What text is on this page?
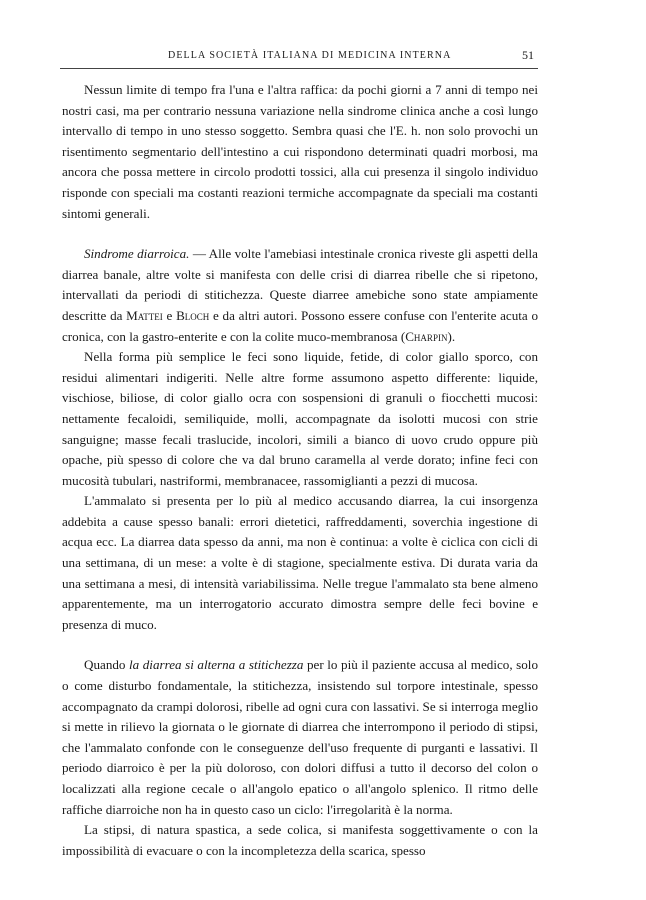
DELLA SOCIETÀ ITALIANA DI MEDICINA INTERNA	51

Nessun limite di tempo fra l'una e l'altra raffica: da pochi giorni a 7 anni di tempo nei nostri casi, ma per contrario nessuna variazione nella sindrome clinica anche a così lungo intervallo di tempo in uno stesso soggetto. Sembra quasi che l'E. h. non solo provochi un risentimento segmentario dell'intestino a cui rispondono determinati quadri morbosi, ma ancora che possa mettere in circolo prodotti tossici, alla cui presenza il singolo individuo risponde con speciali ma costanti reazioni termiche accompagnate da speciali ma costanti sintomi generali.

Sindrome diarroica. — Alle volte l'amebiasi intestinale cronica riveste gli aspetti della diarrea banale, altre volte si manifesta con delle crisi di diarrea ribelle che si ripetono, intervallati da periodi di stitichezza. Queste diarree amebiche sono state ampiamente descritte da Mattei e Bloch e da altri autori. Possono essere confuse con l'enterite acuta o cronica, con la gastro-enterite e con la colite muco-membranosa (Charpin).

Nella forma più semplice le feci sono liquide, fetide, di color giallo sporco, con residui alimentari indigeriti. Nelle altre forme assumono aspetto differente: liquide, vischiose, biliose, di color giallo ocra con sospensioni di granuli o fiocchetti mucosi: nettamente fecaloidi, semiliquide, molli, accompagnate da isolotti mucosi con strie sanguigne; masse fecali traslucide, incolori, simili a bianco di uovo crudo oppure più opache, più spesso di colore che va dal bruno caramella al verde dorato; infine feci con mucosità tubulari, nastriformi, membranacee, rassomiglianti a pezzi di mucosa.

L'ammalato si presenta per lo più al medico accusando diarrea, la cui insorgenza addebita a cause spesso banali: errori dietetici, raffreddamenti, soverchia ingestione di acqua ecc. La diarrea data spesso da anni, ma non è continua: a volte è ciclica con cicli di una settimana, di un mese: a volte è di stagione, specialmente estiva. Di durata varia da una settimana a mesi, di intensità variabilissima. Nelle tregue l'ammalato sta bene almeno apparentemente, ma un interrogatorio accurato dimostra sempre delle feci bovine e presenza di muco.

Quando la diarrea si alterna a stitichezza per lo più il paziente accusa al medico, solo o come disturbo fondamentale, la stitichezza, insistendo sul torpore intestinale, spesso accompagnato da crampi dolorosi, ribelle ad ogni cura con lassativi. Se si interroga meglio si mette in rilievo la giornata o le giornate di diarrea che interrompono il periodo di stipsi, che l'ammalato confonde con le conseguenze dell'uso frequente di purganti e lassativi. Il periodo diarroico è per la più doloroso, con dolori diffusi a tutto il decorso del colon o localizzati alla regione cecale o all'angolo epatico o all'angolo splenico. Il ritmo delle raffiche diarroiche non ha in questo caso un ciclo: l'irregolarità è la norma.

La stipsi, di natura spastica, a sede colica, si manifesta soggettivamente o con la impossibilità di evacuare o con la incompletezza della scarica, spesso
